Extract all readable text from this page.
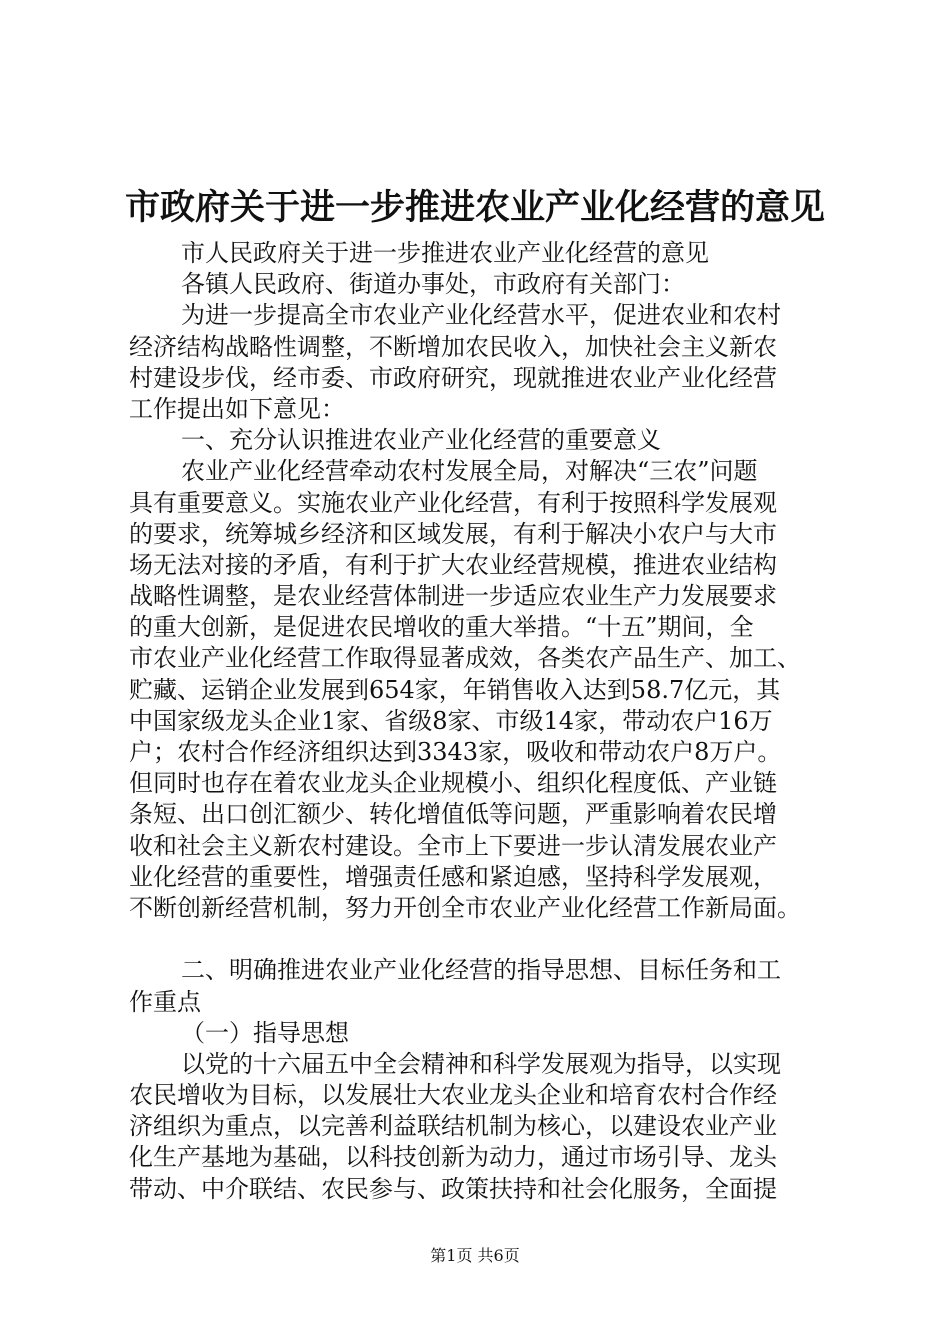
市政府关于进一步推进农业产业化经营的意见
市人民政府关于进一步推进农业产业化经营的意见
各镇人民政府、街道办事处，市政府有关部门：
为进一步提高全市农业产业化经营水平，促进农业和农村
经济结构战略性调整，不断增加农民收入，加快社会主义新农
村建设步伐，经市委、市政府研究，现就推进农业产业化经营
工作提出如下意见：
一、充分认识推进农业产业化经营的重要意义
农业产业化经营牵动农村发展全局，对解决“三农”问题
具有重要意义。实施农业产业化经营，有利于按照科学发展观
的要求，统筹城乡经济和区域发展，有利于解决小农户与大市
场无法对接的矛盾，有利于扩大农业经营规模，推进农业结构
战略性调整，是农业经营体制进一步适应农业生产力发展要求
的重大创新，是促进农民增收的重大举措。“十五”期间，全
市农业产业化经营工作取得显著成效，各类农产品生产、加工、
贮藏、运销企业发展到654家，年销售收入达到58.7亿元，其
中国家级龙头企业1家、省级8家、市级14家，带动农户16万
户；农村合作经济组织达到3343家，吸收和带动农户8万户。
但同时也存在着农业龙头企业规模小、组织化程度低、产业链
条短、出口创汇额少、转化增值低等问题，严重影响着农民增
收和社会主义新农村建设。全市上下要进一步认清发展农业产
业化经营的重要性，增强责任感和紧迫感，坚持科学发展观，
不断创新经营机制，努力开创全市农业产业化经营工作新局面。
二、明确推进农业产业化经营的指导思想、目标任务和工
作重点
（一）指导思想
以党的十六届五中全会精神和科学发展观为指导，以实现
农民增收为目标，以发展壮大农业龙头企业和培育农村合作经
济组织为重点，以完善利益联结机制为核心，以建设农业产业
化生产基地为基础，以科技创新为动力，通过市场引导、龙头
带动、中介联结、农民参与、政策扶持和社会化服务，全面提
第1页 共6页
